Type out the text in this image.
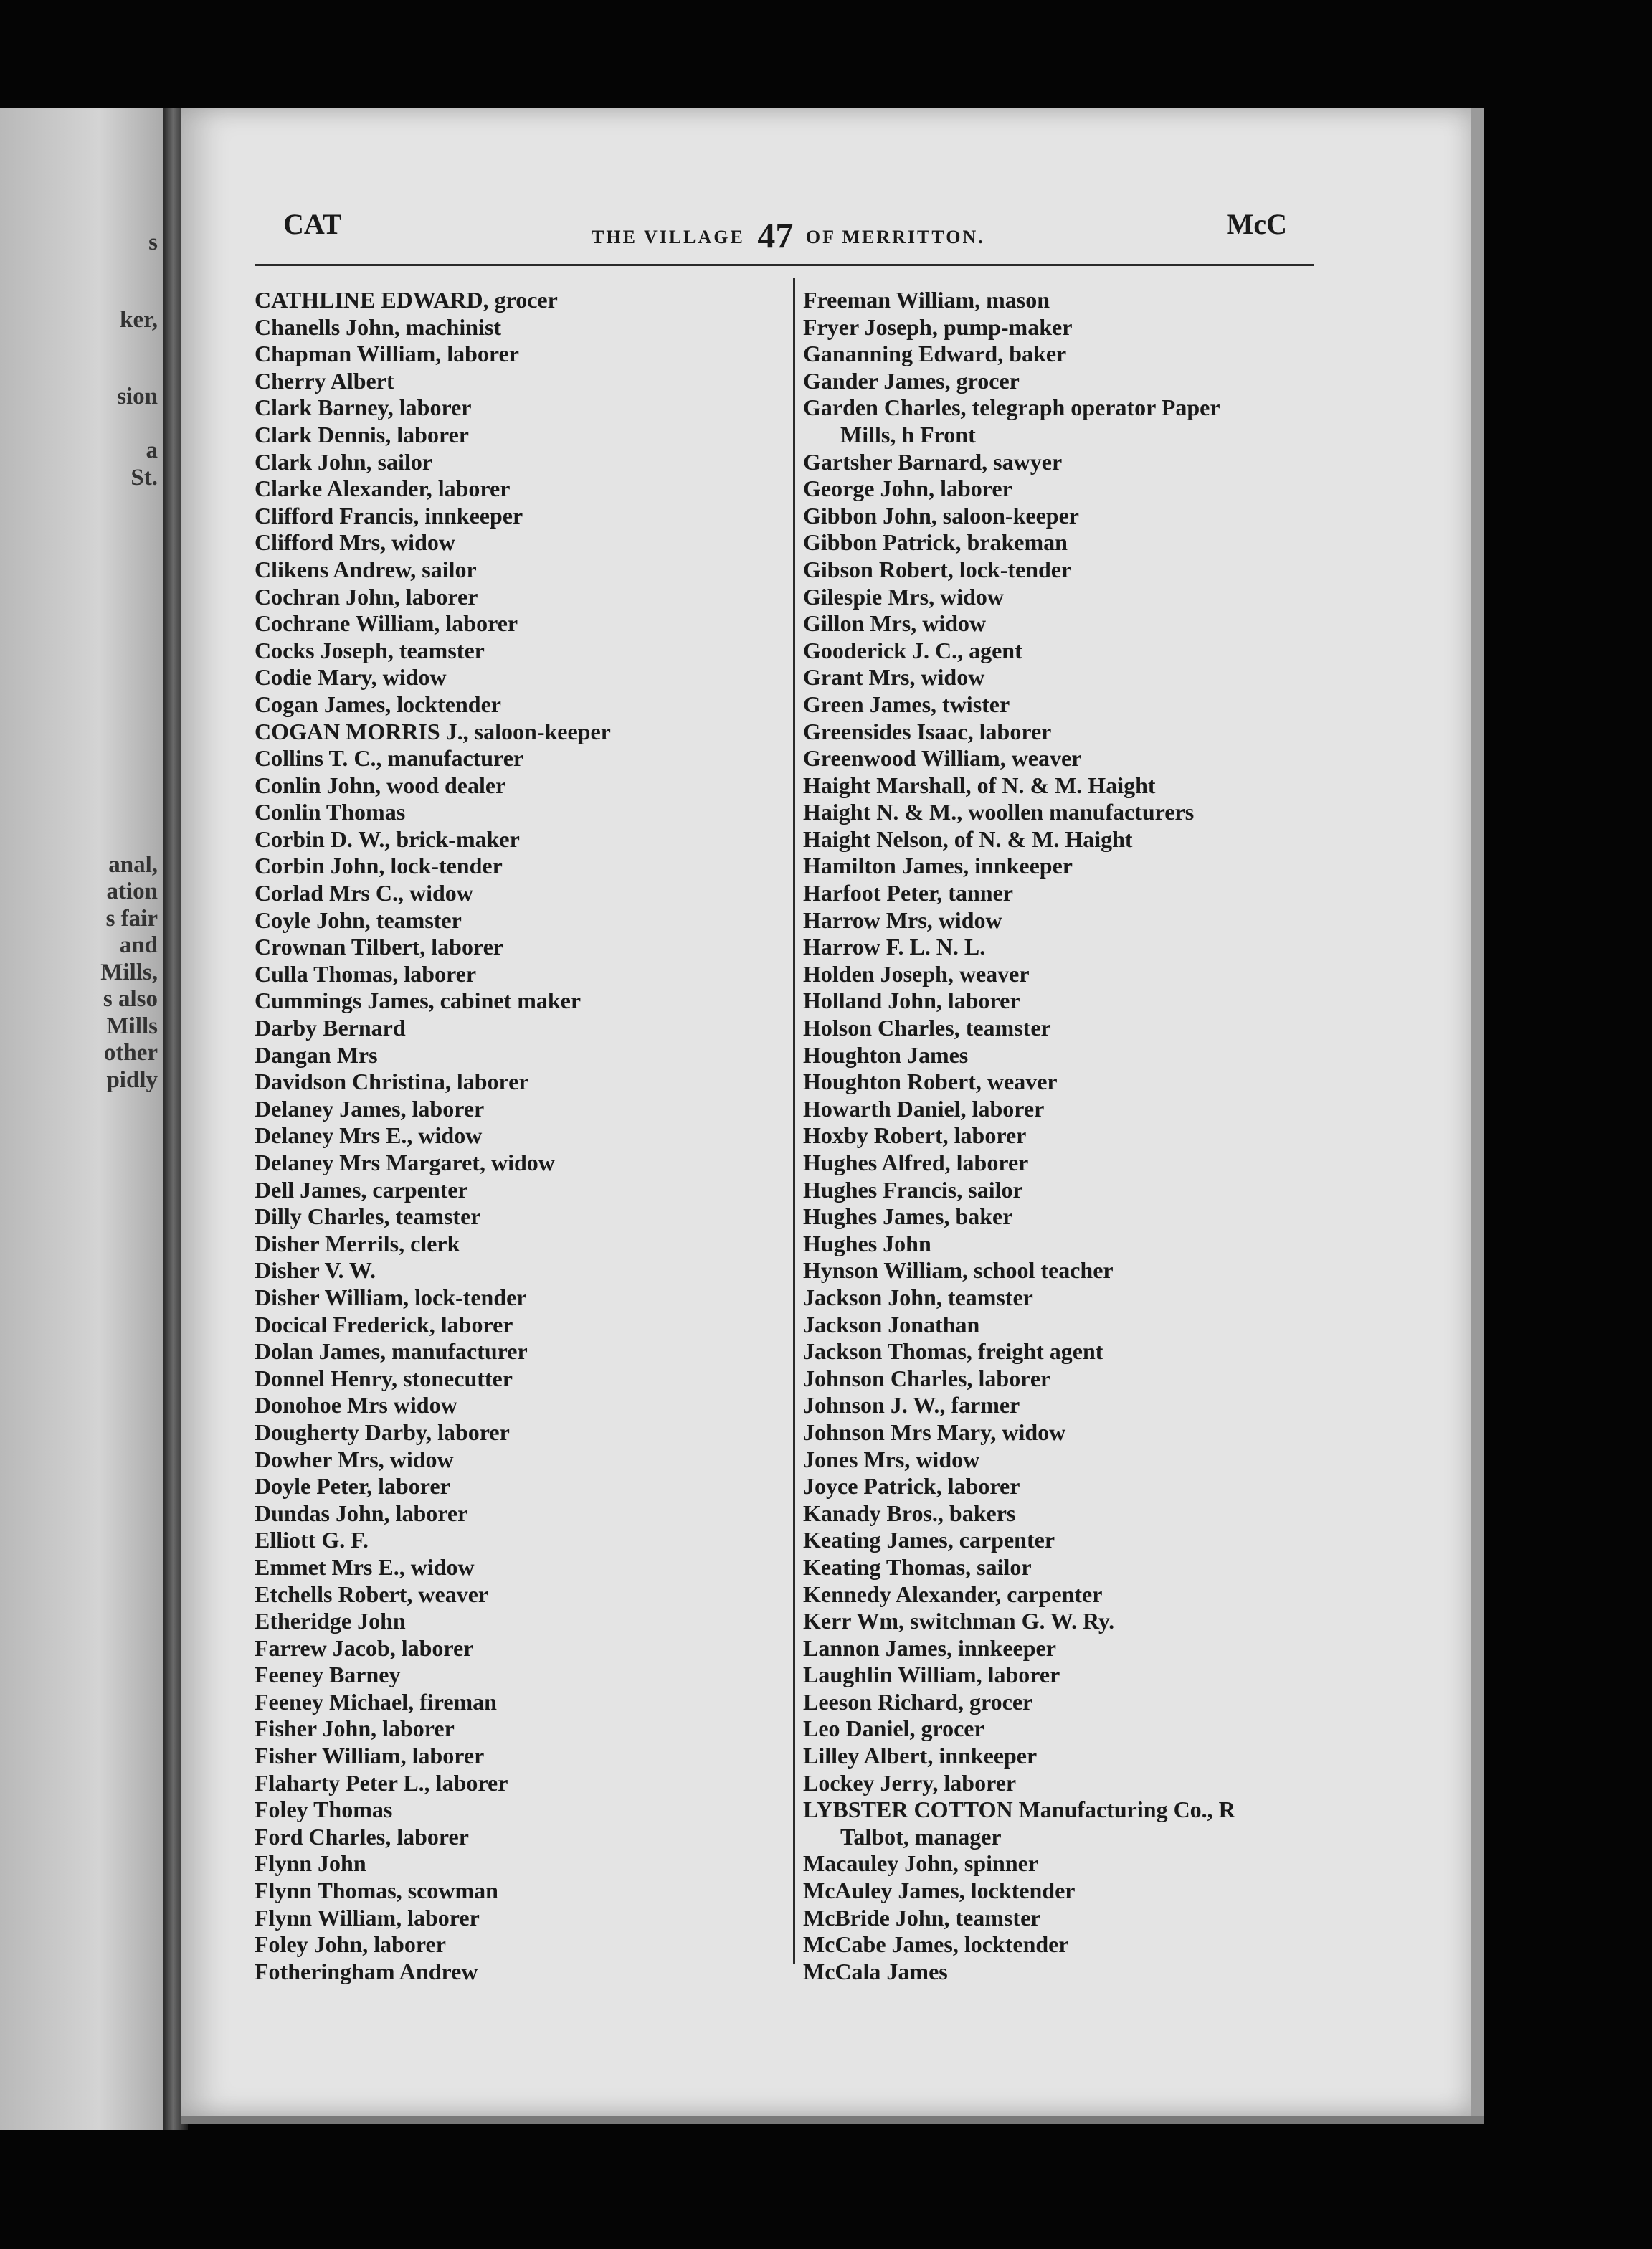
s
ker,
sion
a
St.
anal,
ation
s fair
and
Mills,
s also
Mills
other
pidly
CAT	THE VILLAGE 47 OF MERRITTON.	McC
CATHLINE EDWARD, grocer
Chanells John, machinist
Chapman William, laborer
Cherry Albert
Clark Barney, laborer
Clark Dennis, laborer
Clark John, sailor
Clarke Alexander, laborer
Clifford Francis, innkeeper
Clifford Mrs, widow
Clikens Andrew, sailor
Cochran John, laborer
Cochrane William, laborer
Cocks Joseph, teamster
Codie Mary, widow
Cogan James, locktender
COGAN MORRIS J., saloon-keeper
Collins T. C., manufacturer
Conlin John, wood dealer
Conlin Thomas
Corbin D. W., brick-maker
Corbin John, lock-tender
Corlad Mrs C., widow
Coyle John, teamster
Crownan Tilbert, laborer
Culla Thomas, laborer
Cummings James, cabinet maker
Darby Bernard
Dangan Mrs
Davidson Christina, laborer
Delaney James, laborer
Delaney Mrs E., widow
Delaney Mrs Margaret, widow
Dell James, carpenter
Dilly Charles, teamster
Disher Merrils, clerk
Disher V. W.
Disher William, lock-tender
Docical Frederick, laborer
Dolan James, manufacturer
Donnel Henry, stonecutter
Donohoe Mrs widow
Dougherty Darby, laborer
Dowher Mrs, widow
Doyle Peter, laborer
Dundas John, laborer
Elliott G. F.
Emmet Mrs E., widow
Etchells Robert, weaver
Etheridge John
Farrew Jacob, laborer
Feeney Barney
Feeney Michael, fireman
Fisher John, laborer
Fisher William, laborer
Flaharty Peter L., laborer
Foley Thomas
Ford Charles, laborer
Flynn John
Flynn Thomas, scowman
Flynn William, laborer
Foley John, laborer
Fotheringham Andrew
Freeman William, mason
Fryer Joseph, pump-maker
Gananning Edward, baker
Gander James, grocer
Garden Charles, telegraph operator Paper
Mills, h Front
Gartsher Barnard, sawyer
George John, laborer
Gibbon John, saloon-keeper
Gibbon Patrick, brakeman
Gibson Robert, lock-tender
Gilespie Mrs, widow
Gillon Mrs, widow
Gooderick J. C., agent
Grant Mrs, widow
Green James, twister
Greensides Isaac, laborer
Greenwood William, weaver
Haight Marshall, of N. & M. Haight
Haight N. & M., woollen manufacturers
Haight Nelson, of N. & M. Haight
Hamilton James, innkeeper
Harfoot Peter, tanner
Harrow Mrs, widow
Harrow F. L. N. L.
Holden Joseph, weaver
Holland John, laborer
Holson Charles, teamster
Houghton James
Houghton Robert, weaver
Howarth Daniel, laborer
Hoxby Robert, laborer
Hughes Alfred, laborer
Hughes Francis, sailor
Hughes James, baker
Hughes John
Hynson William, school teacher
Jackson John, teamster
Jackson Jonathan
Jackson Thomas, freight agent
Johnson Charles, laborer
Johnson J. W., farmer
Johnson Mrs Mary, widow
Jones Mrs, widow
Joyce Patrick, laborer
Kanady Bros., bakers
Keating James, carpenter
Keating Thomas, sailor
Kennedy Alexander, carpenter
Kerr Wm, switchman G. W. Ry.
Lannon James, innkeeper
Laughlin William, laborer
Leeson Richard, grocer
Leo Daniel, grocer
Lilley Albert, innkeeper
Lockey Jerry, laborer
LYBSTER COTTON Manufacturing Co., R
Talbot, manager
Macauley John, spinner
McAuley James, locktender
McBride John, teamster
McCabe James, locktender
McCala James
